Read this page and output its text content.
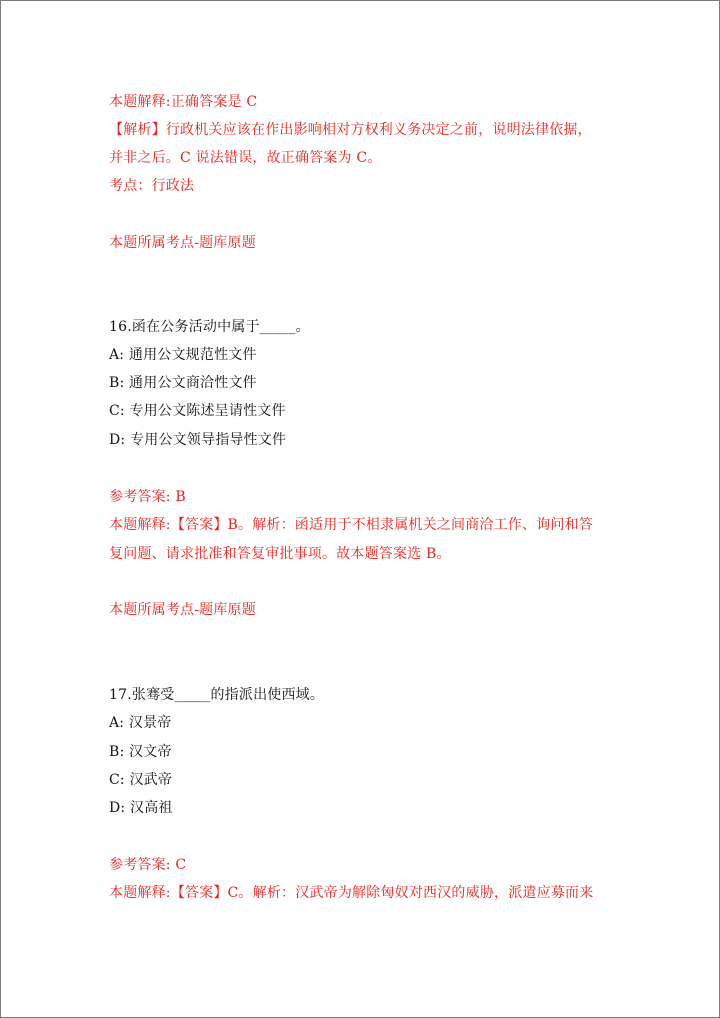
本题解释:正确答案是 C
【解析】行政机关应该在作出影响相对方权利义务决定之前，说明法律依据，
并非之后。C 说法错误，故正确答案为 C。
考点：行政法
本题所属考点-题库原题
16.函在公务活动中属于_____。
A: 通用公文规范性文件
B: 通用公文商洽性文件
C: 专用公文陈述呈请性文件
D: 专用公文领导指导性文件
参考答案: B
本题解释:【答案】B。解析：函适用于不相隶属机关之间商洽工作、询问和答
复问题、请求批准和答复审批事项。故本题答案选 B。
本题所属考点-题库原题
17.张骞受_____的指派出使西域。
A: 汉景帝
B: 汉文帝
C: 汉武帝
D: 汉高祖
参考答案: C
本题解释:【答案】C。解析：汉武帝为解除匈奴对西汉的威胁，派遣应募而来
